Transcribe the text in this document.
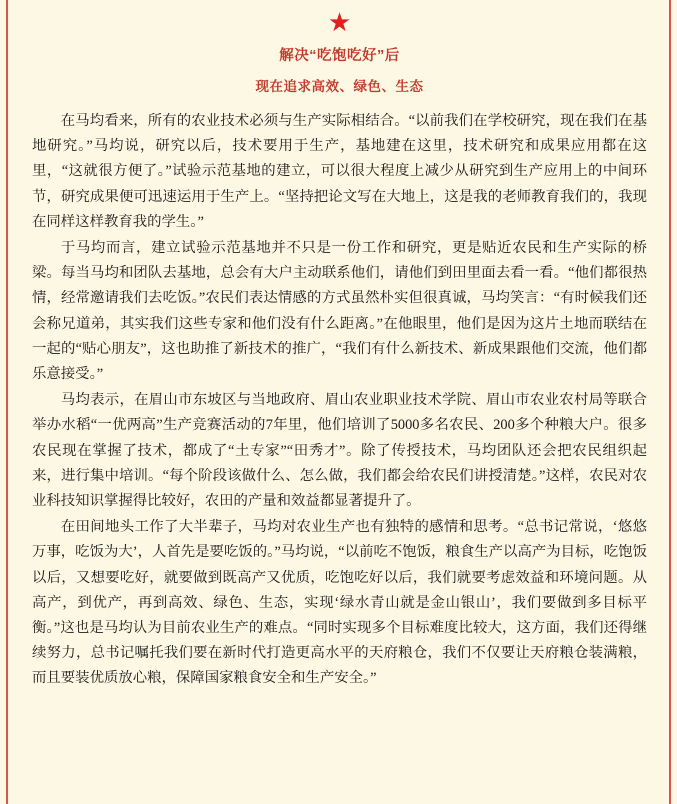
★
解决“吃饱吃好”后
现在追求高效、绿色、生态

在马均看来，所有的农业技术必须与生产实际相结合。“以前我们在学校研究，现在我们在基地研究。”马均说，研究以后，技术要用于生产，基地建在这里，技术研究和成果应用都在这里，“这就很方便了。”试验示范基地的建立，可以很大程度上减少从研究到生产应用上的中间环节，研究成果便可迅速运用于生产上。“坚持把论文写在大地上，这是我的老师教育我们的，我现在同样这样教育我的学生。”

于马均而言，建立试验示范基地并不只是一份工作和研究，更是贴近农民和生产实际的桥梁。每当马均和团队去基地，总会有大户主动联系他们，请他们到田里面去看一看。“他们都很热情，经常邀请我们去吃饭。”农民们表达情感的方式虽然朴实但很真诚，马均笑言：“有时候我们还会称兄道弟，其实我们这些专家和他们没有什么距离。”在他眼里，他们是因为这片土地而联结在一起的“贴心朋友”，这也助推了新技术的推广，“我们有什么新技术、新成果跟他们交流，他们都乐意接受。”

马均表示，在眉山市东坡区与当地政府、眉山农业职业技术学院、眉山市农业农村局等联合举办水稻“一优两高”生产竞赛活动的7年里，他们培训了5000多名农民、200多个种粮大户。很多农民现在掌握了技术，都成了“土专家”“田秀才”。除了传授技术，马均团队还会把农民组织起来，进行集中培训。“每个阶段该做什么、怎么做，我们都会给农民们讲授清楚。”这样，农民对农业科技知识掌握得比较好，农田的产量和效益都显著提升了。

在田间地头工作了大半辈子，马均对农业生产也有独特的感情和思考。“总书记常说，‘悠悠万事，吃饭为大’，人首先是要吃饭的。”马均说，“以前吃不饱饭，粮食生产以高产为目标，吃饱饭以后，又想要吃好，就要做到既高产又优质，吃饱吃好以后，我们就要考虑效益和环境问题。从高产，到优产，再到高效、绿色、生态，实现‘绿水青山就是金山银山’，我们要做到多目标平衡。”这也是马均认为目前农业生产的难点。“同时实现多个目标难度比较大，这方面，我们还得继续努力，总书记嘱托我们要在新时代打造更高水平的天府粮仓，我们不仅要让天府粮仓装满粮，而且要装优质放心粮，保障国家粮食安全和生产安全。”
